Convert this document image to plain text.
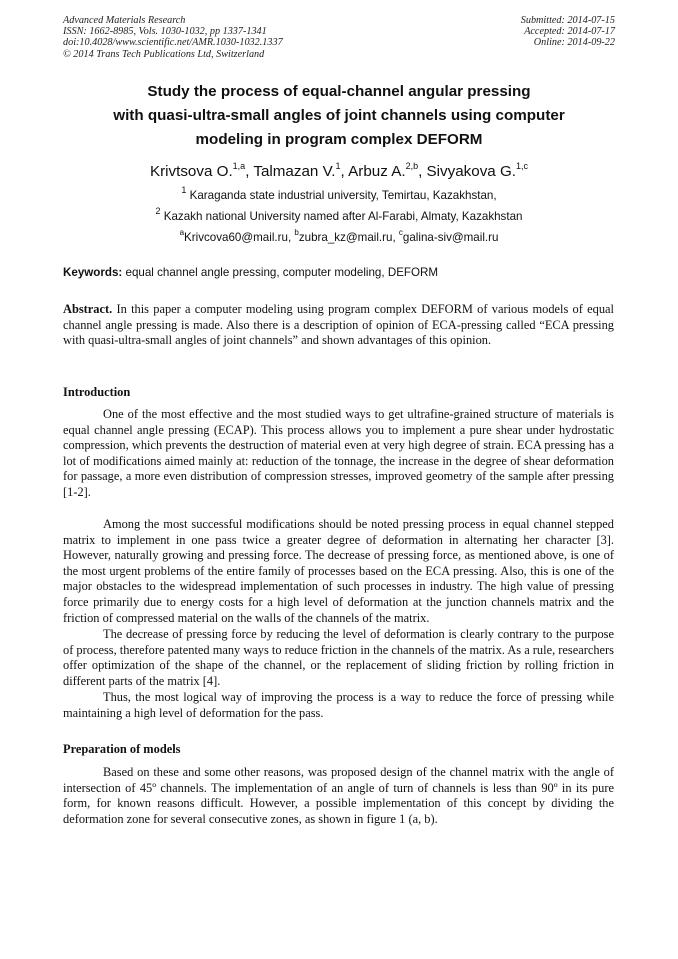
Advanced Materials Research
ISSN: 1662-8985, Vols. 1030-1032, pp 1337-1341
doi:10.4028/www.scientific.net/AMR.1030-1032.1337
© 2014 Trans Tech Publications Ltd, Switzerland
Submitted: 2014-07-15
Accepted: 2014-07-17
Online: 2014-09-22
Study the process of equal-channel angular pressing
with quasi-ultra-small angles of joint channels using computer
modeling in program complex DEFORM
Krivtsova O.$^{1,a}$, Talmazan V.$^1$, Arbuz A.$^{2,b}$, Sivyakova G.$^{1,c}$
$^1$ Karaganda state industrial university, Temirtau, Kazakhstan,
$^2$ Kazakh national University named after Al-Farabi, Almaty, Kazakhstan
$^a$Krivcova60@mail.ru, $^b$zubra_kz@mail.ru, $^c$galina-siv@mail.ru
Keywords: equal channel angle pressing, computer modeling, DEFORM

Abstract. In this paper a computer modeling using program complex DEFORM of various models of equal channel angle pressing is made. Also there is a description of opinion of ECA-pressing called “ECA pressing with quasi-ultra-small angles of joint channels” and shown advantages of this opinion.

Introduction

One of the most effective and the most studied ways to get ultrafine-grained structure of materials is equal channel angle pressing (ECAP). This process allows you to implement a pure shear under hydrostatic compression, which prevents the destruction of material even at very high degree of strain. ECA pressing has a lot of modifications aimed mainly at: reduction of the tonnage, the increase in the degree of shear deformation for passage, a more even distribution of compression stresses, improved geometry of the sample after pressing [1-2].

Among the most successful modifications should be noted pressing process in equal channel stepped matrix to implement in one pass twice a greater degree of deformation in alternating her character [3]. However, naturally growing and pressing force. The decrease of pressing force, as mentioned above, is one of the most urgent problems of the entire family of processes based on the ECA pressing. Also, this is one of the major obstacles to the widespread implementation of such processes in industry. The high value of pressing force primarily due to energy costs for a high level of deformation at the junction channels matrix and the friction of compressed material on the walls of the channels of the matrix.

The decrease of pressing force by reducing the level of deformation is clearly contrary to the purpose of process, therefore patented many ways to reduce friction in the channels of the matrix. As a rule, researchers offer optimization of the shape of the channel, or the replacement of sliding friction by rolling friction in different parts of the matrix [4].

Thus, the most logical way of improving the process is a way to reduce the force of pressing while maintaining a high level of deformation for the pass.

Preparation of models

Based on these and some other reasons, was proposed design of the channel matrix with the angle of intersection of 45º channels. The implementation of an angle of turn of channels is less than 90º in its pure form, for known reasons difficult. However, a possible implementation of this concept by dividing the deformation zone for several consecutive zones, as shown in figure 1 (a, b).
